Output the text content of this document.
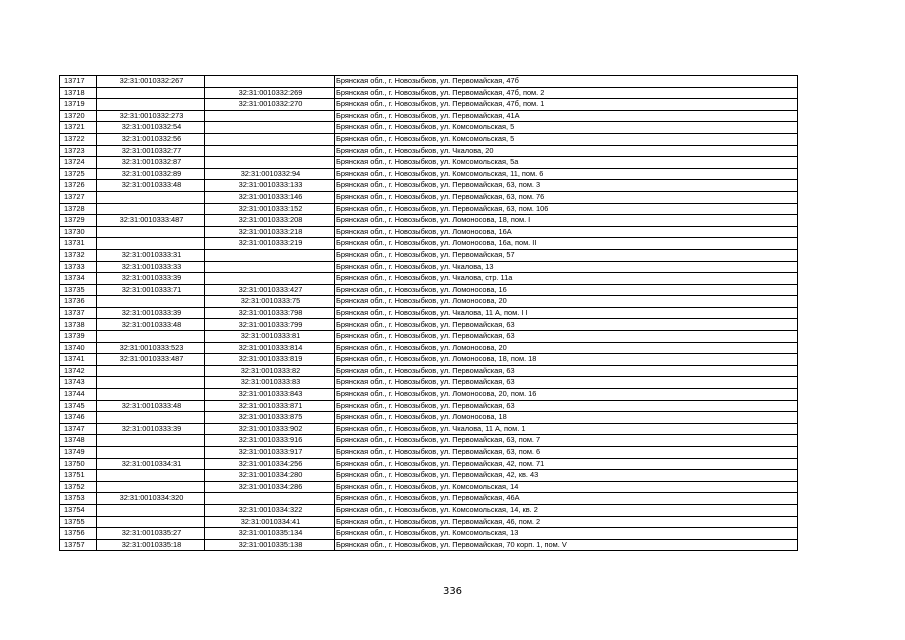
13717	32:31:0010332:267		Брянская обл., г. Новозыбков, ул. Первомайская, 47б
13718		32:31:0010332:269	Брянская обл., г. Новозыбков, ул. Первомайская, 47б, пом. 2
13719		32:31:0010332:270	Брянская обл., г. Новозыбков, ул. Первомайская, 47б, пом. 1
13720	32:31:0010332:273		Брянская обл., г. Новозыбков, ул. Первомайская, 41А
13721	32:31:0010332:54		Брянская обл., г. Новозыбков, ул. Комсомольская, 5
13722	32:31:0010332:56		Брянская обл., г. Новозыбков, ул. Комсомольская, 5
13723	32:31:0010332:77		Брянская обл., г. Новозыбков, ул. Чкалова, 20
13724	32:31:0010332:87		Брянская обл., г. Новозыбков, ул. Комсомольская, 5а
13725	32:31:0010332:89	32:31:0010332:94	Брянская обл., г. Новозыбков, ул. Комсомольская, 11, пом. 6
13726	32:31:0010333:48	32:31:0010333:133	Брянская обл., г. Новозыбков, ул. Первомайская, 63, пом. 3
13727		32:31:0010333:146	Брянская обл., г. Новозыбков, ул. Первомайская, 63, пом. 76
13728		32:31:0010333:152	Брянская обл., г. Новозыбков, ул. Первомайская, 63, пом. 106
13729	32:31:0010333:487	32:31:0010333:208	Брянская обл., г. Новозыбков, ул. Ломоносова, 18, пом. I
13730		32:31:0010333:218	Брянская обл., г. Новозыбков, ул. Ломоносова, 16А
13731		32:31:0010333:219	Брянская обл., г. Новозыбков, ул. Ломоносова, 16а, пом. II
13732	32:31:0010333:31		Брянская обл., г. Новозыбков, ул. Первомайская, 57
13733	32:31:0010333:33		Брянская обл., г. Новозыбков, ул. Чкалова, 13
13734	32:31:0010333:39		Брянская обл., г. Новозыбков, ул. Чкалова, стр. 11а
13735	32:31:0010333:71	32:31:0010333:427	Брянская обл., г. Новозыбков, ул. Ломоносова, 16
13736		32:31:0010333:75	Брянская обл., г. Новозыбков, ул. Ломоносова, 20
13737	32:31:0010333:39	32:31:0010333:798	Брянская обл., г. Новозыбков, ул. Чкалова, 11 А, пом. I I
13738	32:31:0010333:48	32:31:0010333:799	Брянская обл., г. Новозыбков, ул. Первомайская, 63
13739		32:31:0010333:81	Брянская обл., г. Новозыбков, ул. Первомайская, 63
13740	32:31:0010333:523	32:31:0010333:814	Брянская обл., г. Новозыбков, ул. Ломоносова, 20
13741	32:31:0010333:487	32:31:0010333:819	Брянская обл., г. Новозыбков, ул. Ломоносова, 18, пом. 18
13742		32:31:0010333:82	Брянская обл., г. Новозыбков, ул. Первомайская, 63
13743		32:31:0010333:83	Брянская обл., г. Новозыбков, ул. Первомайская, 63
13744		32:31:0010333:843	Брянская обл., г. Новозыбков, ул. Ломоносова, 20, пом. 16
13745	32:31:0010333:48	32:31:0010333:871	Брянская обл., г. Новозыбков, ул. Первомайская, 63
13746		32:31:0010333:875	Брянская обл., г. Новозыбков, ул. Ломоносова, 18
13747	32:31:0010333:39	32:31:0010333:902	Брянская обл., г. Новозыбков, ул. Чкалова, 11 А, пом. 1
13748		32:31:0010333:916	Брянская обл., г. Новозыбков, ул. Первомайская, 63, пом. 7
13749		32:31:0010333:917	Брянская обл., г. Новозыбков, ул. Первомайская, 63, пом. 6
13750	32:31:0010334:31	32:31:0010334:256	Брянская обл., г. Новозыбков, ул. Первомайская, 42, пом. 71
13751		32:31:0010334:280	Брянская обл., г. Новозыбков, ул. Первомайская, 42, кв. 43
13752		32:31:0010334:286	Брянская обл., г. Новозыбков, ул. Комсомольская, 14
13753	32:31:0010334:320		Брянская обл., г. Новозыбков, ул. Первомайская, 46А
13754		32:31:0010334:322	Брянская обл., г. Новозыбков, ул. Комсомольская, 14, кв. 2
13755		32:31:0010334:41	Брянская обл., г. Новозыбков, ул. Первомайская, 46, пом. 2
13756	32:31:0010335:27	32:31:0010335:134	Брянская обл., г. Новозыбков, ул. Комсомольская, 13
13757	32:31:0010335:18	32:31:0010335:138	Брянская обл., г. Новозыбков, ул. Первомайская, 70 корп. 1, пом. V
336
